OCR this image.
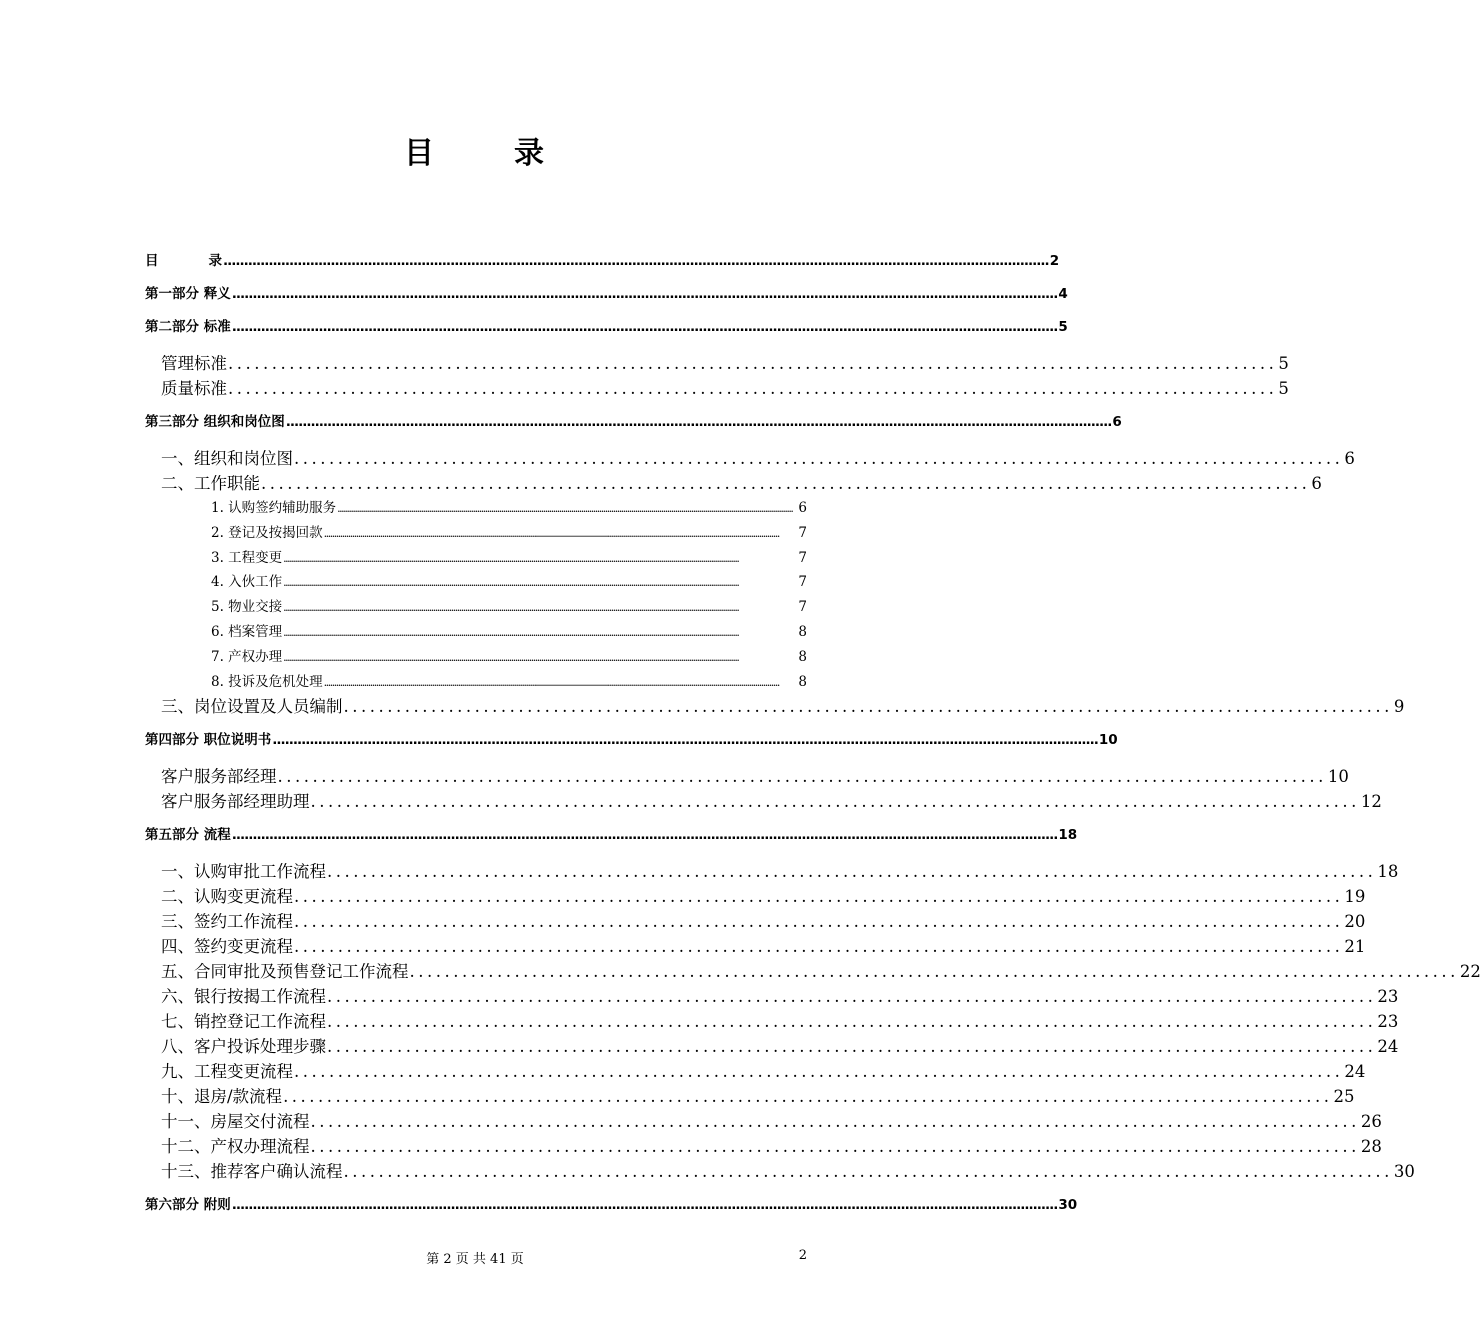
目	录
目	录 ........................................................................................................................................................................................................ 2
第一部分 释义 ........................................................................................................................................................................................................ 4
第二部分 标准 ........................................................................................................................................................................................................ 5
管理标准 ........................................................................................................................ 5
质量标准 ........................................................................................................................ 5
第三部分 组织和岗位图 ........................................................................................................................................................................................................ 6
一、组织和岗位图 ........................................................................................................................ 6
二、工作职能 ........................................................................................................................ 6
1. 认购签约辅助服务 .................................................................................................................................................................................................................................... 6
2. 登记及按揭回款 ....................................................................................................................................................................................................................................	7
3. 工程变更 ....................................................................................................................................................................................................................................	7
4. 入伙工作 ....................................................................................................................................................................................................................................	7
5. 物业交接 ....................................................................................................................................................................................................................................	7
6. 档案管理 ....................................................................................................................................................................................................................................	8
7. 产权办理 ....................................................................................................................................................................................................................................	8
8. 投诉及危机处理 ....................................................................................................................................................................................................................................	8
三、岗位设置及人员编制 ........................................................................................................................ 9
第四部分 职位说明书 ........................................................................................................................................................................................................ 10
客户服务部经理 ........................................................................................................................ 10
客户服务部经理助理 ........................................................................................................................ 12
第五部分 流程 ........................................................................................................................................................................................................ 18
一、认购审批工作流程 ........................................................................................................................ 18
二、认购变更流程 ........................................................................................................................ 19
三、签约工作流程 ........................................................................................................................ 20
四、签约变更流程 ........................................................................................................................ 21
五、合同审批及预售登记工作流程 ........................................................................................................................ 22
六、银行按揭工作流程 ........................................................................................................................ 23
七、销控登记工作流程 ........................................................................................................................ 23
八、客户投诉处理步骤 ........................................................................................................................ 24
九、工程变更流程 ........................................................................................................................ 24
十、退房/款流程 ........................................................................................................................ 25
十一、房屋交付流程 ........................................................................................................................ 26
十二、产权办理流程 ........................................................................................................................ 28
十三、推荐客户确认流程 ........................................................................................................................ 30
第六部分 附则 ........................................................................................................................................................................................................ 30
第 2 页 共 41 页	2
